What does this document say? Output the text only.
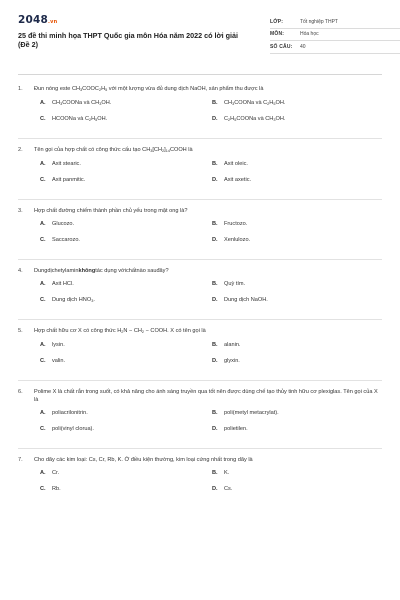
2048.vn
25 đề thi minh họa THPT Quốc gia môn Hóa năm 2022 có lời giải (Đề 2)
LỚP:	Tốt nghiệp THPT
MÔN:	Hóa học
SỐ CÂU:	40
1.	Đun nóng este $CH_3COOC_2H_5$ với một lượng vừa đủ dung dịch NaOH, sản phẩm thu được là
A.	$CH_3COONa$ và $CH_3OH$.	B.	$CH_3COONa$ và $C_2H_5OH$.
C.	HCOONa và $C_2H_5OH$.	D.	$C_2H_5COONa$ và $CH_3OH$.
2.	Tên gọi của hợp chất có công thức cấu tạo $CH_3[CH_2]_{14}COOH$ là
A.	Axit stearic.	B.	Axit oleic.
C.	Axit panmitic.	D.	Axit axetic.
3.	Hợp chất đường chiếm thành phần chủ yếu trong mật ong là?
A.	Glucozo.	B.	Fructozo.
C.	Saccarozo.	D.	Xenlulozo.
4.	Dungdịchetylaminkhôngtác dụng vớichấtnào sauđây?
A.	Axit HCl.	B.	Quỳ tím.
C.	Dung dịch $HNO_3$.	D.	Dung dịch NaOH.
5.	Hợp chất hữu cơ X có công thức $H_2N - CH_2$ − COOH. X có tên gọi là
A.	lysin.	B.	alanin.
C.	valin.	D.	glyxin.
6.	Polime X là chất rắn trong suốt, có khả năng cho ánh sáng truyền qua tốt nên được dùng chế tạo thủy tinh hữu cơ plexiglas. Tên gọi của X là
A.	poliacrilonitrin.	B.	poli(metyl metacrylat).
C.	poli(vinyl clorua).	D.	polietilen.
7.	Cho dãy các kim loại: Cs, Cr, Rb, K. Ở điều kiện thường, kim loại cứng nhất trong dãy là
A.	Cr.	B.	K.
C.	Rb.	D.	Cs.
